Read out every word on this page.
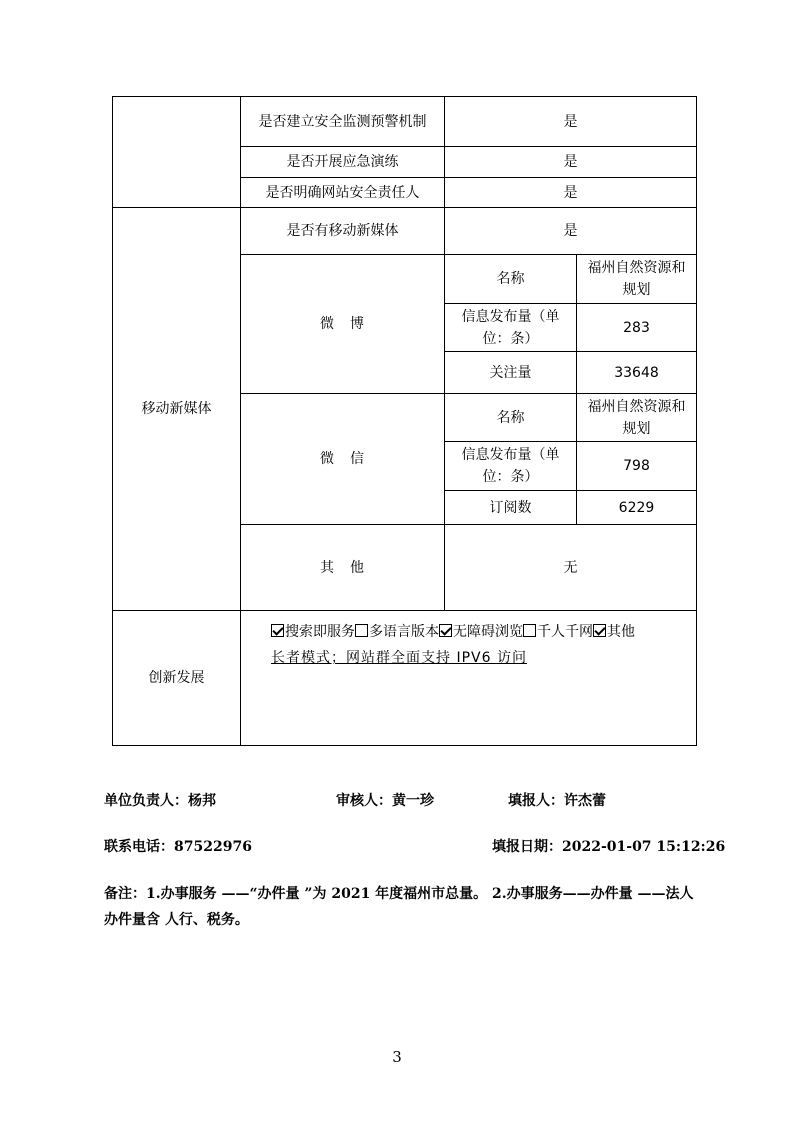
	是否建立安全监测预警机制	是	
	是否开展应急演练	是	
	是否明确网站安全责任人	是	
移动新媒体	是否有移动新媒体	是	
	微　博	名称	福州自然资源和规划
		信息发布量（单位：条）	283
		关注量	33648
	微　信	名称	福州自然资源和规划
		信息发布量（单位：条）	798
		订阅数	6229
	其　他	无	
创新发展	搜索即服务 多语言版本 无障碍浏览 千人千网 其他
长者模式；网站群全面支持 IPV6 访问		
单位负责人：杨邦	审核人：黄一珍	填报人：许杰蕾
联系电话：87522976	填报日期：2022-01-07 15:12:26
备注：1.办事服务 ——“办件量 ”为 2021 年度福州市总量。 2.办事服务——办件量 ——法人办件量含 人行、税务。
3
